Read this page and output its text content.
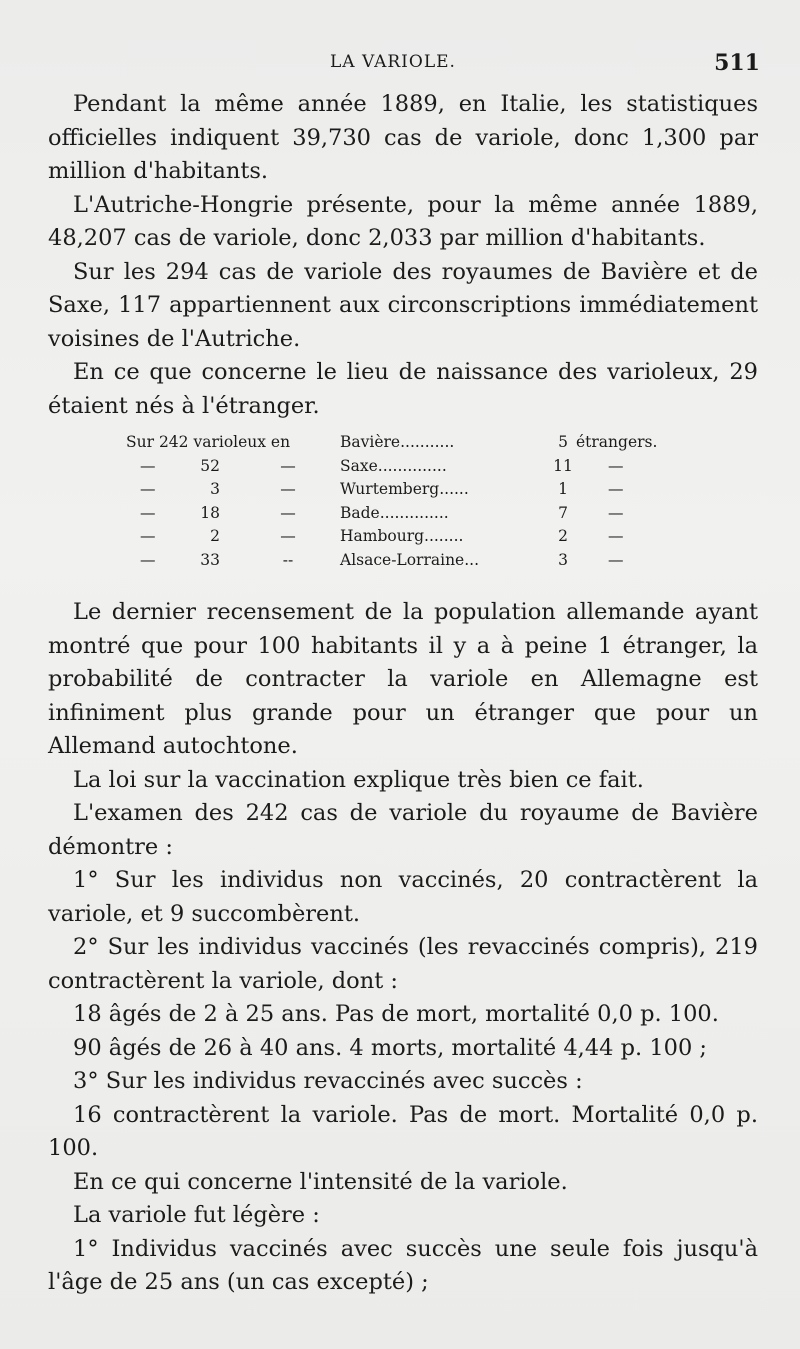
LA VARIOLE.	511

Pendant la même année 1889, en Italie, les statistiques officielles indiquent 39,730 cas de variole, donc 1,300 par million d'habitants.

L'Autriche-Hongrie présente, pour la même année 1889, 48,207 cas de variole, donc 2,033 par million d'habitants.

Sur les 294 cas de variole des royaumes de Bavière et de Saxe, 117 appartiennent aux circonscriptions immédiatement voisines de l'Autriche.

En ce que concerne le lieu de naissance des varioleux, 29 étaient nés à l'étranger.

Sur 242 varioleux en	Bavière...........	5 étrangers.
—	52	—	Saxe..............	11	—
—	3	—	Wurtemberg......	1	—
—	18	—	Bade..............	7	—
—	2	—	Hambourg........	2	—
—	33	--	Alsace-Lorraine...	3	—

Le dernier recensement de la population allemande ayant montré que pour 100 habitants il y a à peine 1 étranger, la probabilité de contracter la variole en Allemagne est infiniment plus grande pour un étranger que pour un Allemand autochtone.

La loi sur la vaccination explique très bien ce fait.

L'examen des 242 cas de variole du royaume de Bavière démontre :

1° Sur les individus non vaccinés, 20 contractèrent la variole, et 9 succombèrent.

2° Sur les individus vaccinés (les revaccinés compris), 219 contractèrent la variole, dont :

18 âgés de 2 à 25 ans. Pas de mort, mortalité 0,0 p. 100.

90 âgés de 26 à 40 ans. 4 morts, mortalité 4,44 p. 100 ;

3° Sur les individus revaccinés avec succès :

16 contractèrent la variole. Pas de mort. Mortalité 0,0 p. 100.

En ce qui concerne l'intensité de la variole.

La variole fut légère :

1° Individus vaccinés avec succès une seule fois jusqu'à l'âge de 25 ans (un cas excepté) ;
